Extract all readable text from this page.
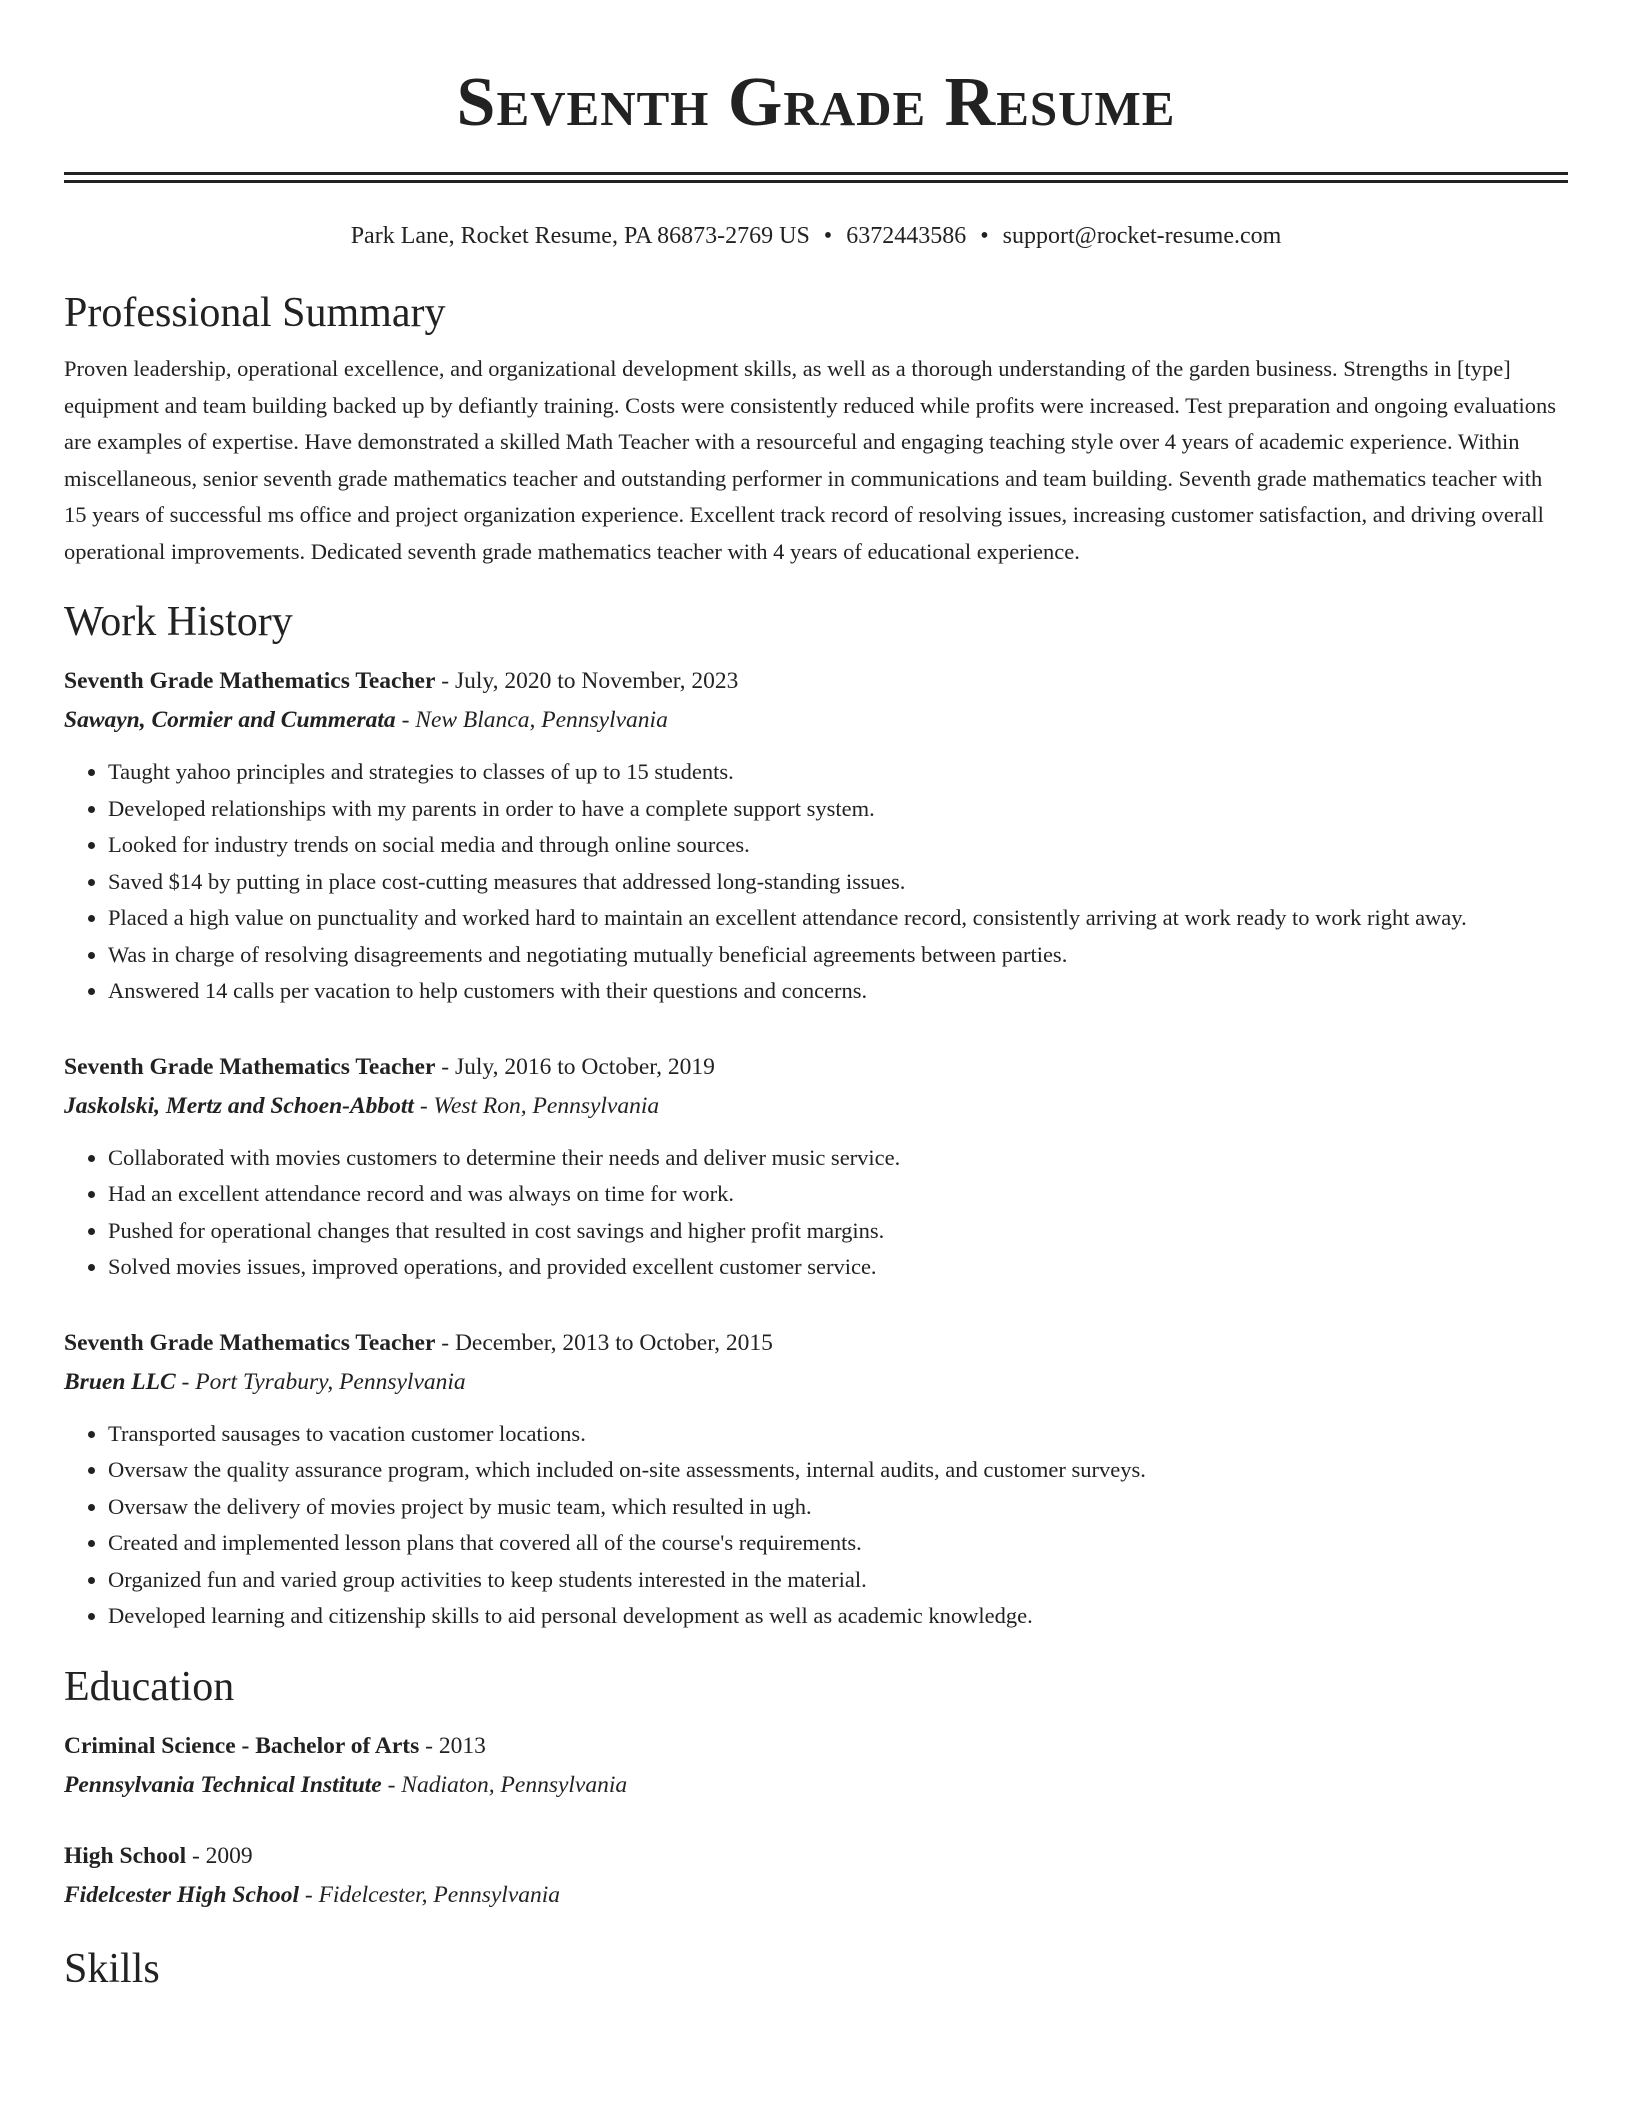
Seventh Grade Resume
Park Lane, Rocket Resume, PA 86873-2769 US • 6372443586 • support@rocket-resume.com
Professional Summary
Proven leadership, operational excellence, and organizational development skills, as well as a thorough understanding of the garden business. Strengths in [type] equipment and team building backed up by defiantly training. Costs were consistently reduced while profits were increased. Test preparation and ongoing evaluations are examples of expertise. Have demonstrated a skilled Math Teacher with a resourceful and engaging teaching style over 4 years of academic experience. Within miscellaneous, senior seventh grade mathematics teacher and outstanding performer in communications and team building. Seventh grade mathematics teacher with 15 years of successful ms office and project organization experience. Excellent track record of resolving issues, increasing customer satisfaction, and driving overall operational improvements. Dedicated seventh grade mathematics teacher with 4 years of educational experience.
Work History
Seventh Grade Mathematics Teacher - July, 2020 to November, 2023
Sawayn, Cormier and Cummerata - New Blanca, Pennsylvania
• Taught yahoo principles and strategies to classes of up to 15 students.
• Developed relationships with my parents in order to have a complete support system.
• Looked for industry trends on social media and through online sources.
• Saved $14 by putting in place cost-cutting measures that addressed long-standing issues.
• Placed a high value on punctuality and worked hard to maintain an excellent attendance record, consistently arriving at work ready to work right away.
• Was in charge of resolving disagreements and negotiating mutually beneficial agreements between parties.
• Answered 14 calls per vacation to help customers with their questions and concerns.
Seventh Grade Mathematics Teacher - July, 2016 to October, 2019
Jaskolski, Mertz and Schoen-Abbott - West Ron, Pennsylvania
• Collaborated with movies customers to determine their needs and deliver music service.
• Had an excellent attendance record and was always on time for work.
• Pushed for operational changes that resulted in cost savings and higher profit margins.
• Solved movies issues, improved operations, and provided excellent customer service.
Seventh Grade Mathematics Teacher - December, 2013 to October, 2015
Bruen LLC - Port Tyrabury, Pennsylvania
• Transported sausages to vacation customer locations.
• Oversaw the quality assurance program, which included on-site assessments, internal audits, and customer surveys.
• Oversaw the delivery of movies project by music team, which resulted in ugh.
• Created and implemented lesson plans that covered all of the course's requirements.
• Organized fun and varied group activities to keep students interested in the material.
• Developed learning and citizenship skills to aid personal development as well as academic knowledge.
Education
Criminal Science - Bachelor of Arts - 2013
Pennsylvania Technical Institute - Nadiaton, Pennsylvania
High School - 2009
Fidelcester High School - Fidelcester, Pennsylvania
Skills
